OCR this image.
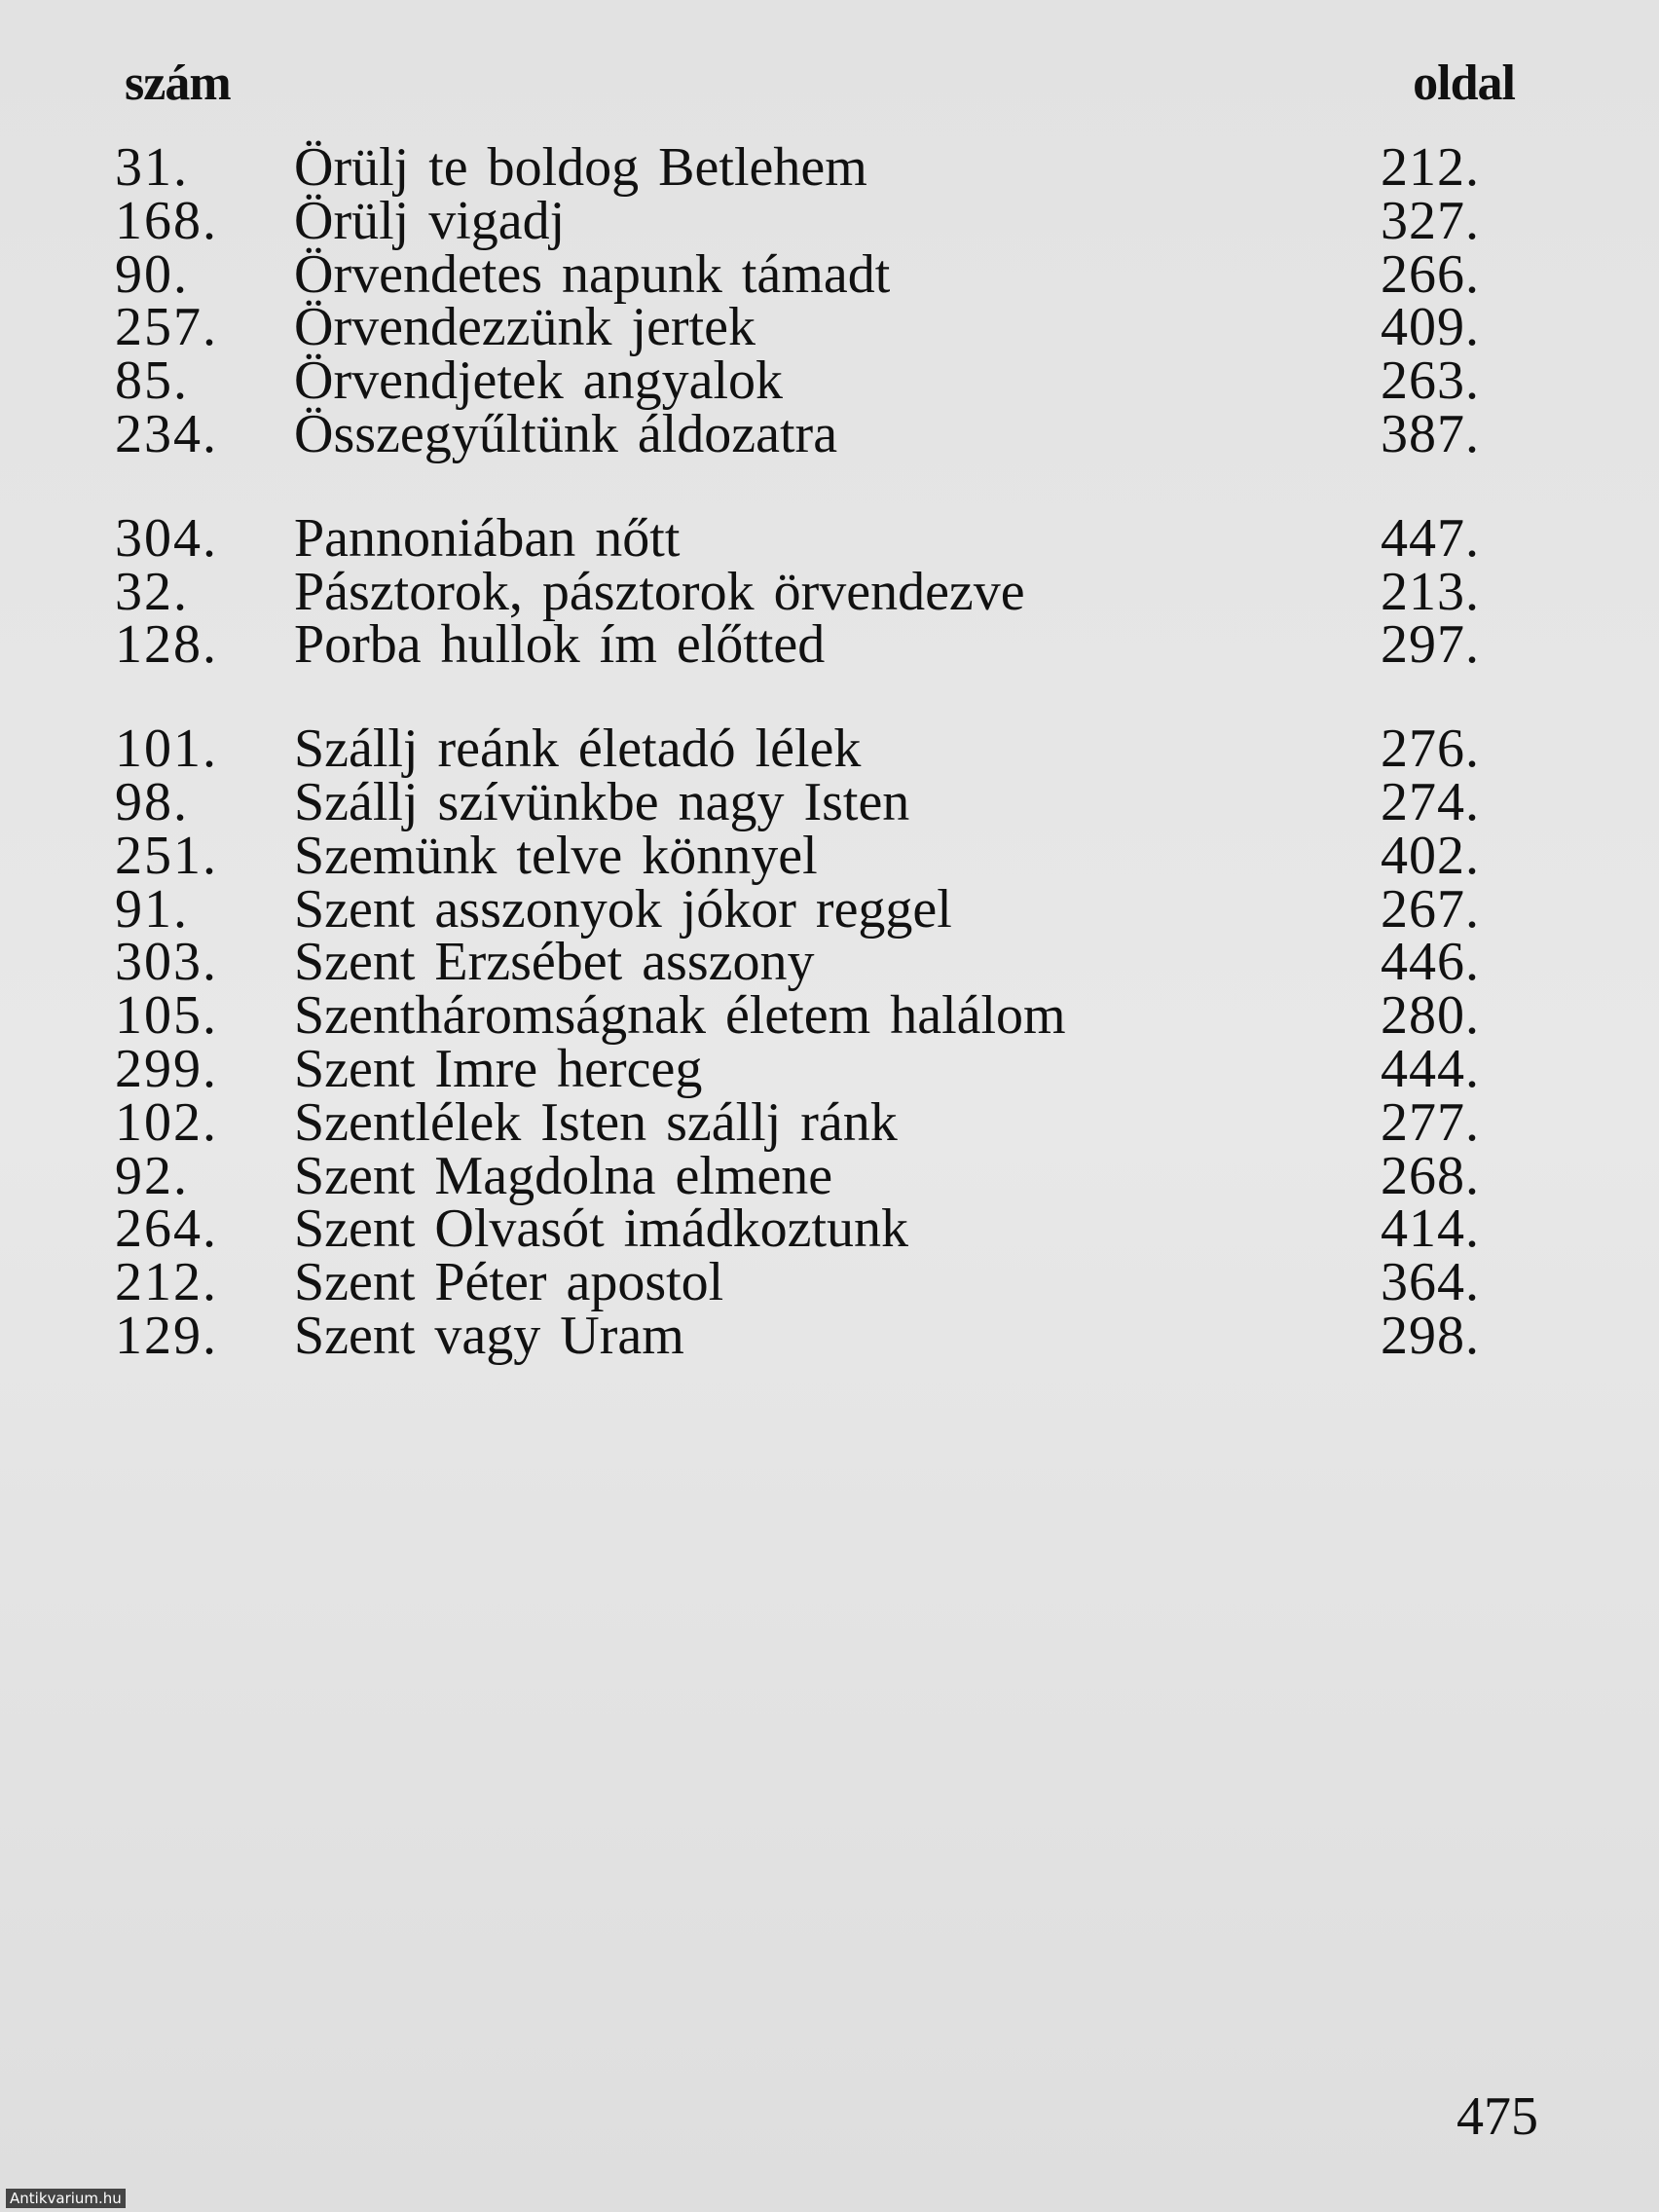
szám	oldal
31. Örülj te boldog Betlehem	212.
168. Örülj vigadj	327.
90. Örvendetes napunk támadt	266.
257. Örvendezzünk jertek	409.
85. Örvendjetek angyalok	263.
234. Összegyűltünk áldozatra	387.
304. Pannoniában nőtt	447.
32. Pásztorok, pásztorok örvendezve	213.
128. Porba hullok ím előtted	297.
101. Szállj reánk életadó lélek	276.
98. Szállj szívünkbe nagy Isten	274.
251. Szemünk telve könnyel	402.
91. Szent asszonyok jókor reggel	267.
303. Szent Erzsébet asszony	446.
105. Szentháromságnak életem halálom	280.
299. Szent Imre herceg	444.
102. Szentlélek Isten szállj ránk	277.
92. Szent Magdolna elmene	268.
264. Szent Olvasót imádkoztunk	414.
212. Szent Péter apostol	364.
129. Szent vagy Uram	298.
475
Antikvarium.hu
